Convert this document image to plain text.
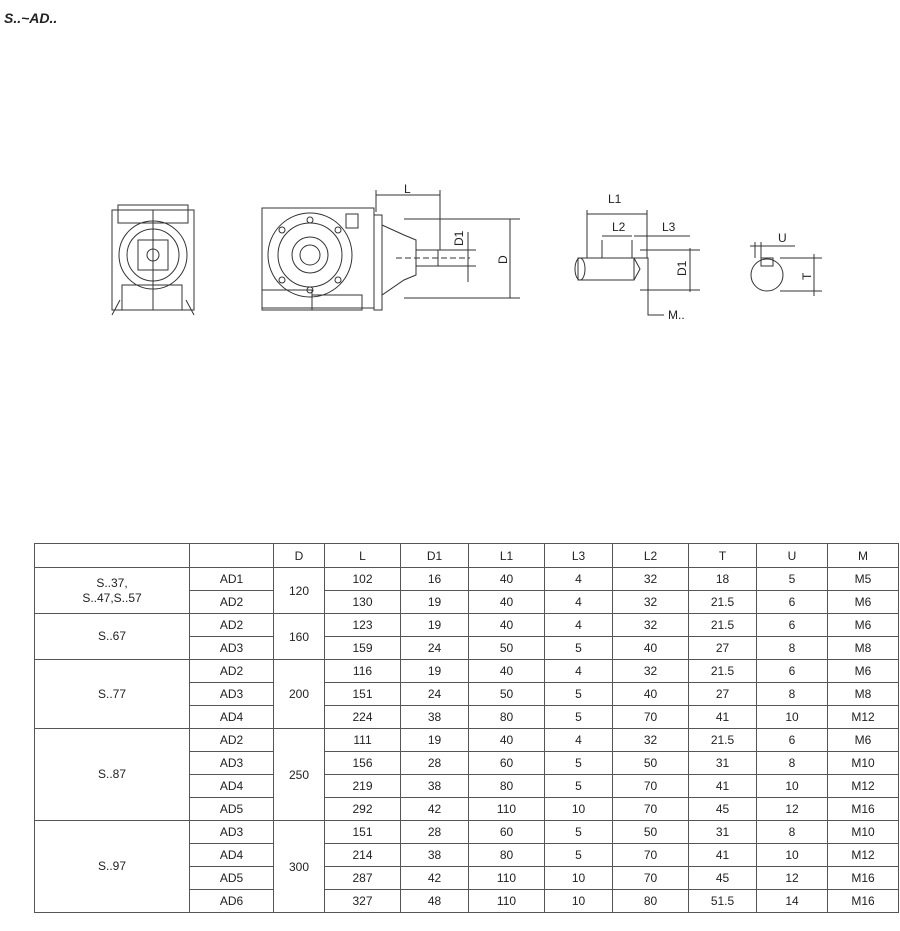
S..~AD..
L
D1
D
L1
L2	L3
D1
M..
U
T
		D	L	D1	L1	L3	L2	T	U	M
S..37,
S..47,S..57	AD1	120	102	16	40	4	32	18	5	M5
	AD2		130	19	40	4	32	21.5	6	M6
S..67	AD2	160	123	19	40	4	32	21.5	6	M6
	AD3		159	24	50	5	40	27	8	M8
S..77	AD2	200	116	19	40	4	32	21.5	6	M6
	AD3		151	24	50	5	40	27	8	M8
	AD4		224	38	80	5	70	41	10	M12
S..87	AD2	250	111	19	40	4	32	21.5	6	M6
	AD3		156	28	60	5	50	31	8	M10
	AD4		219	38	80	5	70	41	10	M12
	AD5		292	42	110	10	70	45	12	M16
S..97	AD3	300	151	28	60	5	50	31	8	M10
	AD4		214	38	80	5	70	41	10	M12
	AD5		287	42	110	10	70	45	12	M16
	AD6		327	48	110	10	80	51.5	14	M16
